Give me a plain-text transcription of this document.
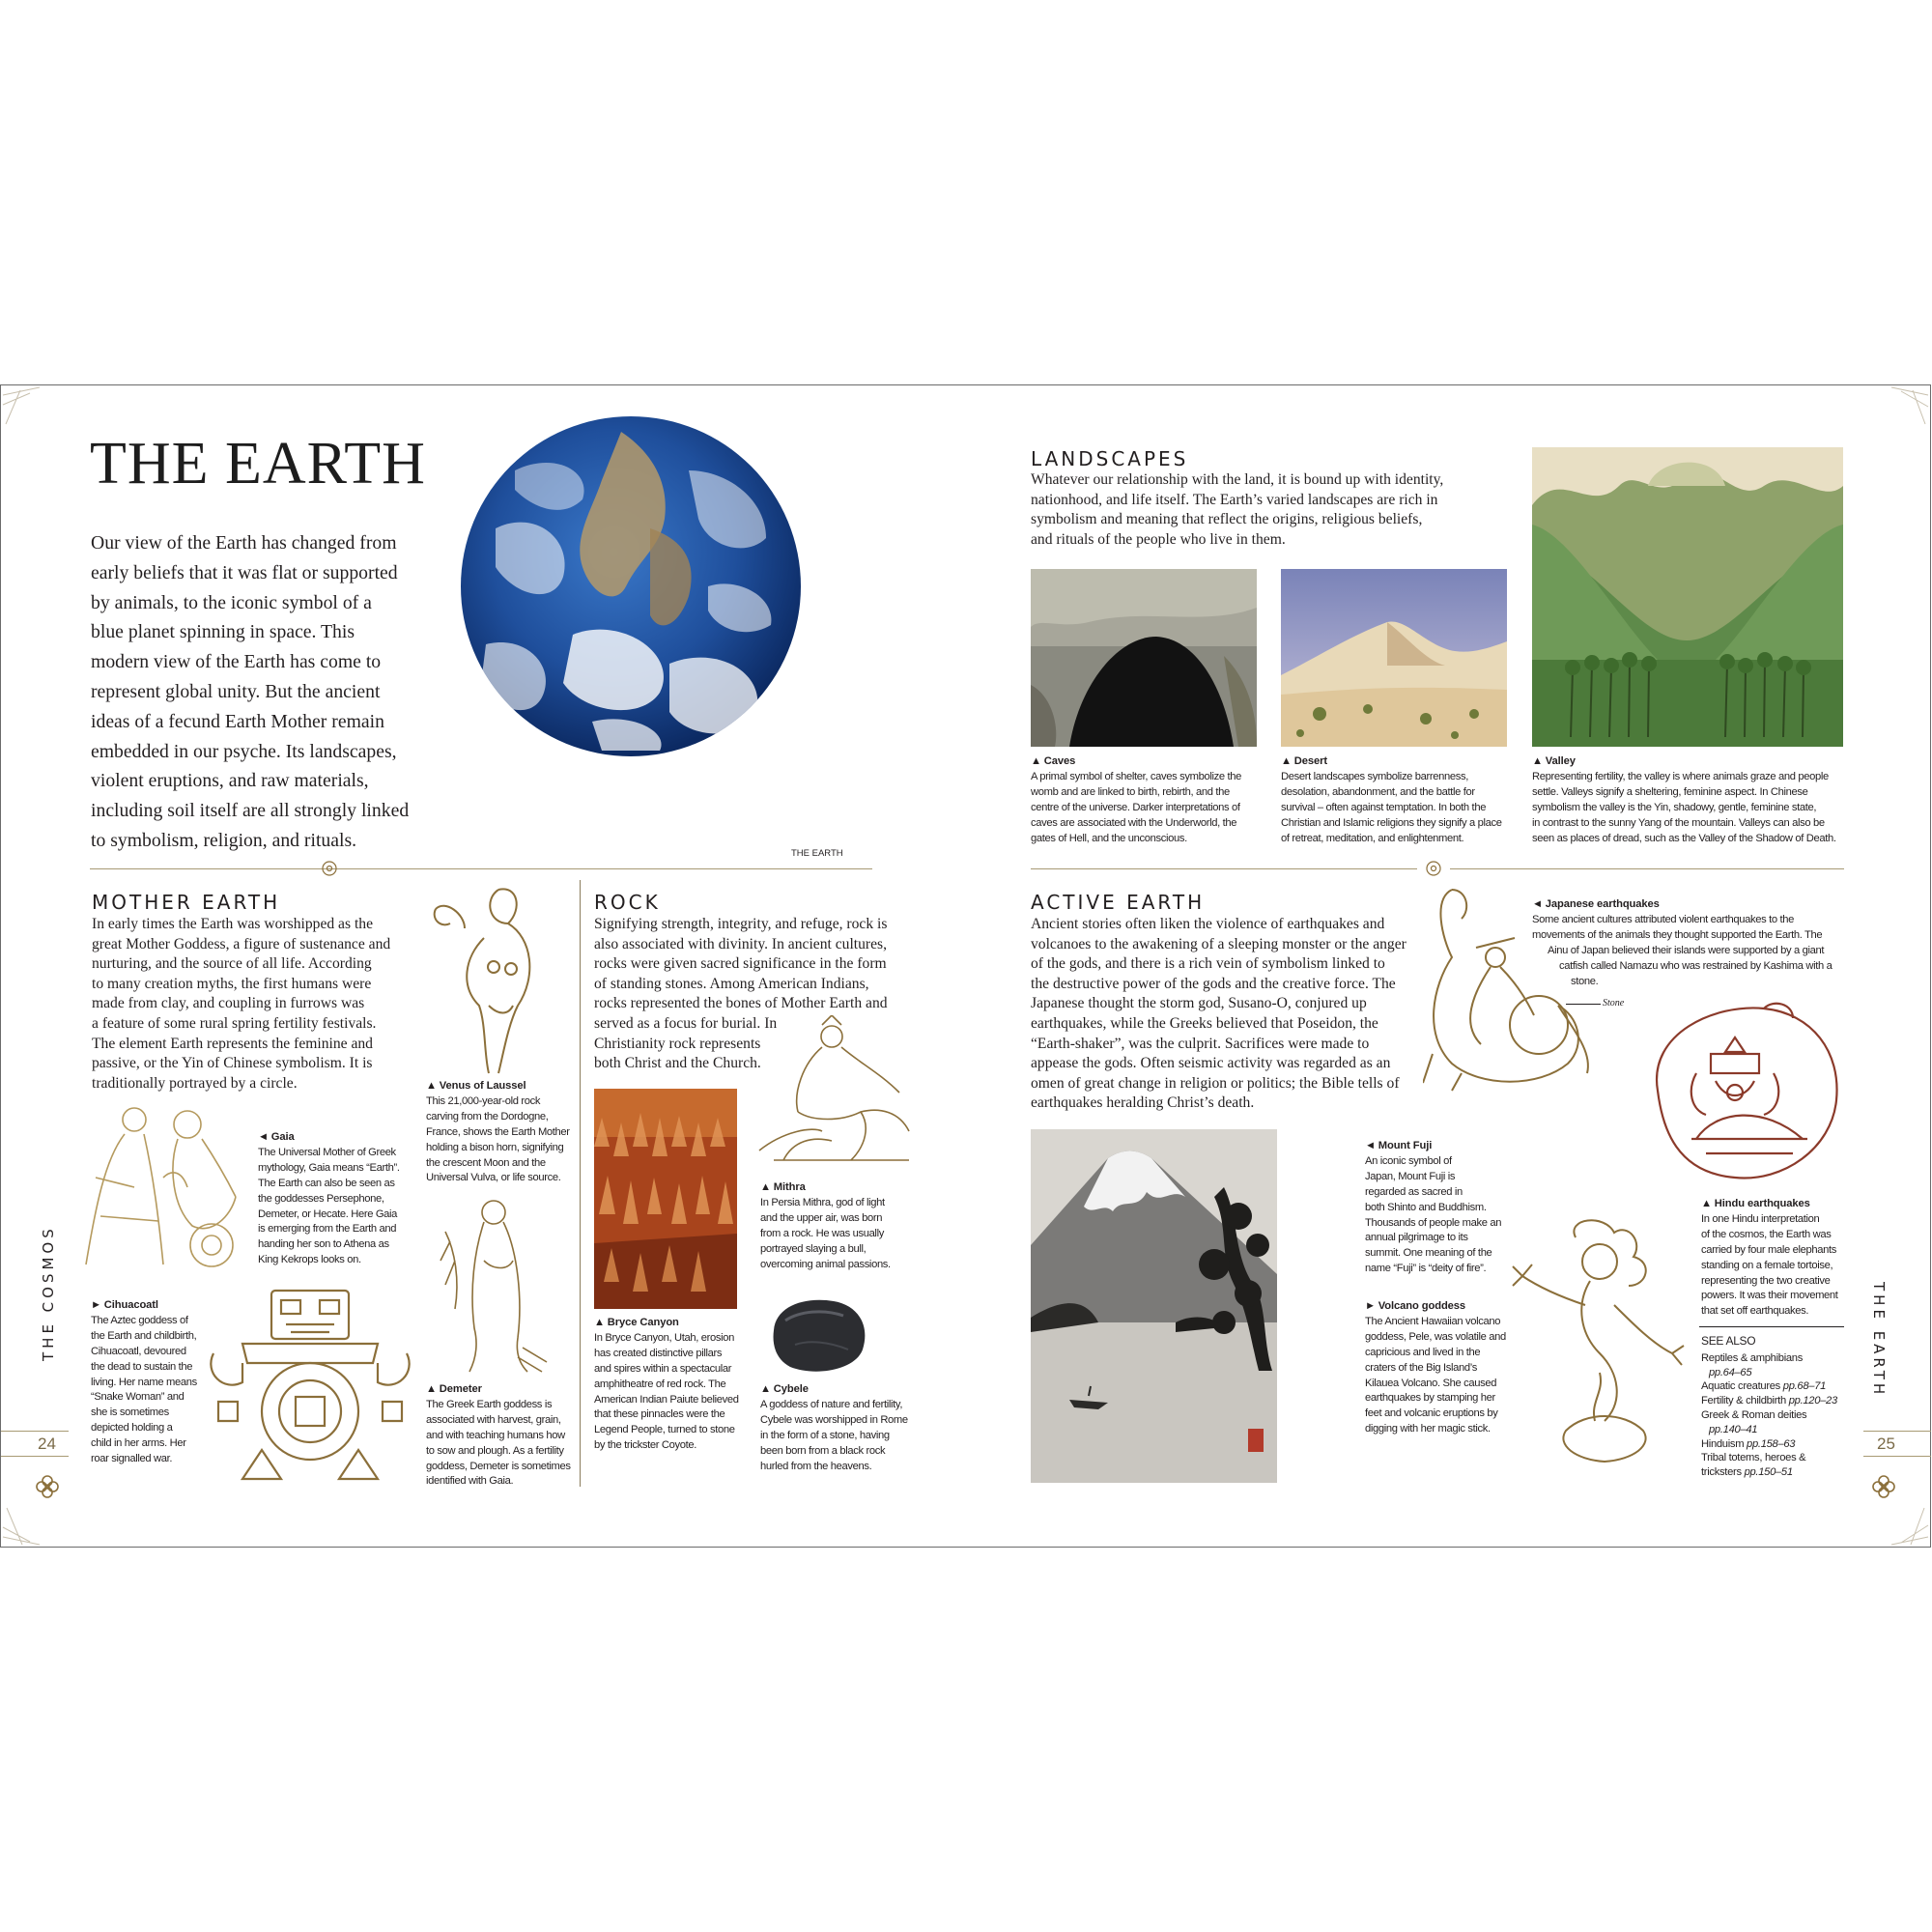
THE EARTH
Our view of the Earth has changed from
early beliefs that it was flat or supported
by animals, to the iconic symbol of a
blue planet spinning in space. This
modern view of the Earth has come to
represent global unity. But the ancient
ideas of a fecund Earth Mother remain
embedded in our psyche. Its landscapes,
violent eruptions, and raw materials,
including soil itself are all strongly linked
to symbolism, religion, and rituals.
THE EARTH
MOTHER EARTH
In early times the Earth was worshipped as the
great Mother Goddess, a figure of sustenance and
nurturing, and the source of all life. According
to many creation myths, the first humans were
made from clay, and coupling in furrows was
a feature of some rural spring fertility festivals.
The element Earth represents the feminine and
passive, or the Yin of Chinese symbolism. It is
traditionally portrayed by a circle.	▲ Venus of Laussel
This 21,000-year-old rock
carving from the Dordogne,
France, shows the Earth Mother
holding a bison horn, signifying
the crescent Moon and the
Universal Vulva, or life source.
◄ Gaia
The Universal Mother of Greek
mythology, Gaia means “Earth”.
The Earth can also be seen as
the goddesses Persephone,
Demeter, or Hecate. Here Gaia
is emerging from the Earth and
handing her son to Athena as
King Kekrops looks on.
▲ Demeter
The Greek Earth goddess is
associated with harvest, grain,
and with teaching humans how
to sow and plough. As a fertility
goddess, Demeter is sometimes
identified with Gaia.
► Cihuacoatl
The Aztec goddess of
the Earth and childbirth,
Cihuacoatl, devoured
the dead to sustain the
living. Her name means
“Snake Woman” and
she is sometimes
depicted holding a
child in her arms. Her
roar signalled war.
ROCK
Signifying strength, integrity, and refuge, rock is
also associated with divinity. In ancient cultures,
rocks were given sacred significance in the form
of standing stones. Among American Indians,
rocks represented the bones of Mother Earth and
served as a focus for burial. In
Christianity rock represents
both Christ and the Church.
▲ Mithra
In Persia Mithra, god of light
and the upper air, was born
from a rock. He was usually
portrayed slaying a bull,
overcoming animal passions.
▲ Bryce Canyon
In Bryce Canyon, Utah, erosion
has created distinctive pillars
and spires within a spectacular
amphitheatre of red rock. The
American Indian Paiute believed
that these pinnacles were the
Legend People, turned to stone
by the trickster Coyote.
▲ Cybele
A goddess of nature and fertility,
Cybele was worshipped in Rome
in the form of a stone, having
been born from a black rock
hurled from the heavens.
THE COSMOS
24
LANDSCAPES
Whatever our relationship with the land, it is bound up with identity,
nationhood, and life itself. The Earth’s varied landscapes are rich in
symbolism and meaning that reflect the origins, religious beliefs,
and rituals of the people who live in them.
▲ Caves
A primal symbol of shelter, caves symbolize the
womb and are linked to birth, rebirth, and the
centre of the universe. Darker interpretations of
caves are associated with the Underworld, the
gates of Hell, and the unconscious.
▲ Desert
Desert landscapes symbolize barrenness,
desolation, abandonment, and the battle for
survival – often against temptation. In both the
Christian and Islamic religions they signify a place
of retreat, meditation, and enlightenment.
▲ Valley
Representing fertility, the valley is where animals graze and people
settle. Valleys signify a sheltering, feminine aspect. In Chinese
symbolism the valley is the Yin, shadowy, gentle, feminine state,
in contrast to the sunny Yang of the mountain. Valleys can also be
seen as places of dread, such as the Valley of the Shadow of Death.
ACTIVE EARTH
Ancient stories often liken the violence of earthquakes and
volcanoes to the awakening of a sleeping monster or the anger
of the gods, and there is a rich vein of symbolism linked to
the destructive power of the gods and the creative force. The
Japanese thought the storm god, Susano-O, conjured up
earthquakes, while the Greeks believed that Poseidon, the
“Earth-shaker”, was the culprit. Sacrifices were made to
appease the gods. Often seismic activity was regarded as an
omen of great change in religion or politics; the Bible tells of
earthquakes heralding Christ’s death.
Stone
◄ Japanese earthquakes
Some ancient cultures attributed violent earthquakes to the
movements of the animals they thought supported the Earth. The
Ainu of Japan believed their islands were supported by a giant
catfish called Namazu who was restrained by Kashima with a
stone.
▲ Hindu earthquakes
In one Hindu interpretation
of the cosmos, the Earth was
carried by four male elephants
standing on a female tortoise,
representing the two creative
powers. It was their movement
that set off earthquakes.
SEE ALSO
Reptiles & amphibians
pp.64–65
Aquatic creatures pp.68–71
Fertility & childbirth pp.120–23
Greek & Roman deities
pp.140–41
Hinduism pp.158–63
Tribal totems, heroes & tricksters pp.150–51
◄ Mount Fuji
An iconic symbol of
Japan, Mount Fuji is
regarded as sacred in
both Shinto and Buddhism.
Thousands of people make an
annual pilgrimage to its
summit. One meaning of the
name “Fuji” is “deity of fire”.
► Volcano goddess
The Ancient Hawaiian volcano
goddess, Pele, was volatile and
capricious and lived in the
craters of the Big Island’s
Kilauea Volcano. She caused
earthquakes by stamping her
feet and volcanic eruptions by
digging with her magic stick.
THE EARTH
25
